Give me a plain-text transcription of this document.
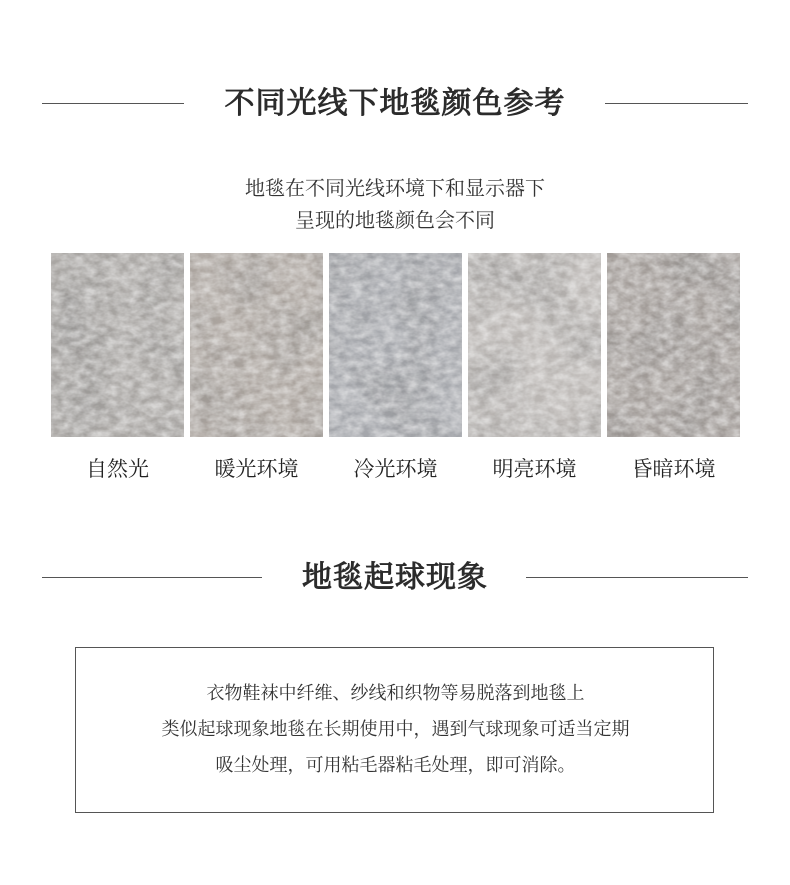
不同光线下地毯颜色参考
地毯在不同光线环境下和显示器下
呈现的地毯颜色会不同
自然光	暖光环境	冷光环境	明亮环境	昏暗环境
地毯起球现象
衣物鞋袜中纤维、纱线和织物等易脱落到地毯上
类似起球现象地毯在长期使用中，遇到气球现象可适当定期
吸尘处理，可用粘毛器粘毛处理，即可消除。
